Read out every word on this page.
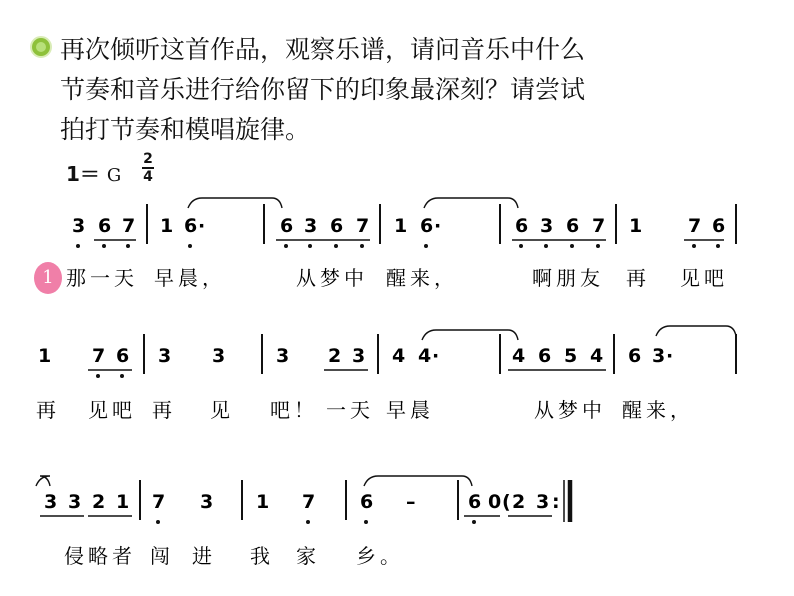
再次倾听这首作品，观察乐谱，请问音乐中什么
节奏和音乐进行给你留下的印象最深刻？请尝试
拍打节奏和模唱旋律。
1＝ G
2
4
1
3 6 7 1 6 ·	6 3 6 7 1 6 ·	6 3 6 7 1 7 6
那一天 早晨，	从梦中 醒来，	啊朋友 再 见吧
1 7 6 3 3	3 2 3 4 4 ·	4 6 5 4 6 3 ·
再 见吧 再 见 吧！ 一天 早晨	从梦中 醒来，
3 3 2 1 7 3 1 7 6 –	6 0 ( 2 3 :
侵略者 闯 进 我 家 乡。
